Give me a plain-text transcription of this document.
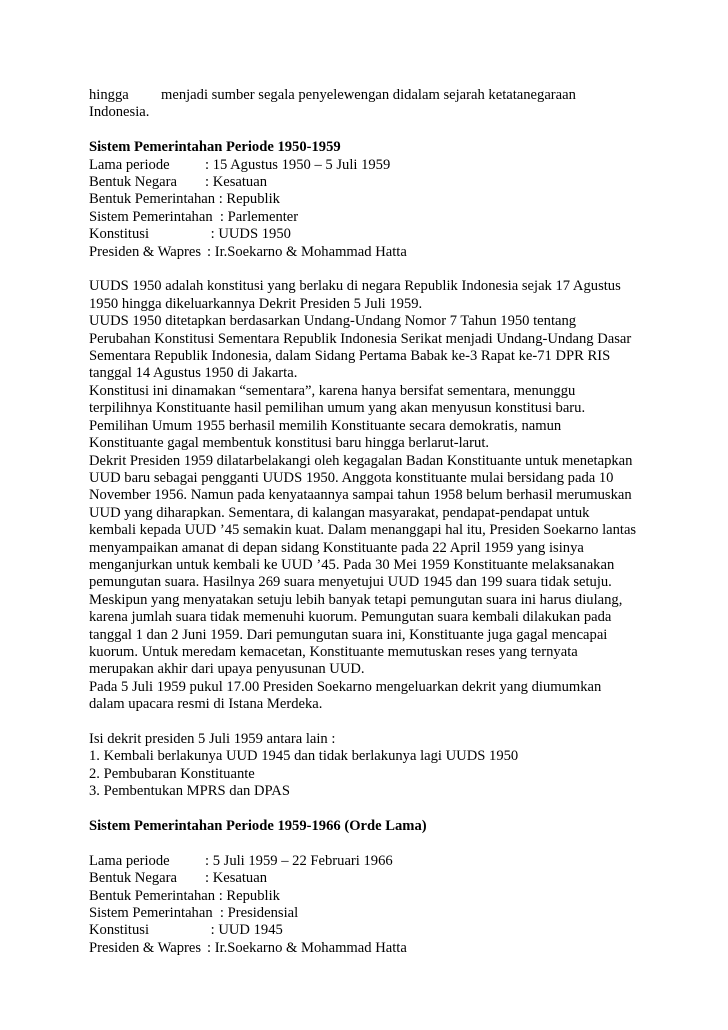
hingga menjadi sumber segala penyelewengan didalam sejarah ketatanegaraan
Indonesia.
Sistem Pemerintahan Periode 1950-1959
Lama periode : 15 Agustus 1950 – 5 Juli 1959
Bentuk Negara : Kesatuan
Bentuk Pemerintahan : Republik
Sistem Pemerintahan  : Parlementer
Konstitusi	: UUDS 1950
Presiden & Wapres : Ir.Soekarno & Mohammad Hatta
UUDS 1950 adalah konstitusi yang berlaku di negara Republik Indonesia sejak 17 Agustus
1950 hingga dikeluarkannya Dekrit Presiden 5 Juli 1959.
UUDS 1950 ditetapkan berdasarkan Undang-Undang Nomor 7 Tahun 1950 tentang
Perubahan Konstitusi Sementara Republik Indonesia Serikat menjadi Undang-Undang Dasar
Sementara Republik Indonesia, dalam Sidang Pertama Babak ke-3 Rapat ke-71 DPR RIS
tanggal 14 Agustus 1950 di Jakarta.
Konstitusi ini dinamakan “sementara”, karena hanya bersifat sementara, menunggu
terpilihnya Konstituante hasil pemilihan umum yang akan menyusun konstitusi baru.
Pemilihan Umum 1955 berhasil memilih Konstituante secara demokratis, namun
Konstituante gagal membentuk konstitusi baru hingga berlarut-larut.
Dekrit Presiden 1959 dilatarbelakangi oleh kegagalan Badan Konstituante untuk menetapkan
UUD baru sebagai pengganti UUDS 1950. Anggota konstituante mulai bersidang pada 10
November 1956. Namun pada kenyataannya sampai tahun 1958 belum berhasil merumuskan
UUD yang diharapkan. Sementara, di kalangan masyarakat, pendapat-pendapat untuk
kembali kepada UUD ’45 semakin kuat. Dalam menanggapi hal itu, Presiden Soekarno lantas
menyampaikan amanat di depan sidang Konstituante pada 22 April 1959 yang isinya
menganjurkan untuk kembali ke UUD ’45. Pada 30 Mei 1959 Konstituante melaksanakan
pemungutan suara. Hasilnya 269 suara menyetujui UUD 1945 dan 199 suara tidak setuju.
Meskipun yang menyatakan setuju lebih banyak tetapi pemungutan suara ini harus diulang,
karena jumlah suara tidak memenuhi kuorum. Pemungutan suara kembali dilakukan pada
tanggal 1 dan 2 Juni 1959. Dari pemungutan suara ini, Konstituante juga gagal mencapai
kuorum. Untuk meredam kemacetan, Konstituante memutuskan reses yang ternyata
merupakan akhir dari upaya penyusunan UUD.
Pada 5 Juli 1959 pukul 17.00 Presiden Soekarno mengeluarkan dekrit yang diumumkan
dalam upacara resmi di Istana Merdeka.
Isi dekrit presiden 5 Juli 1959 antara lain :
1. Kembali berlakunya UUD 1945 dan tidak berlakunya lagi UUDS 1950
2. Pembubaran Konstituante
3. Pembentukan MPRS dan DPAS
Sistem Pemerintahan Periode 1959-1966 (Orde Lama)
Lama periode : 5 Juli 1959 – 22 Februari 1966
Bentuk Negara : Kesatuan
Bentuk Pemerintahan : Republik
Sistem Pemerintahan  : Presidensial
Konstitusi	: UUD 1945
Presiden & Wapres : Ir.Soekarno & Mohammad Hatta
